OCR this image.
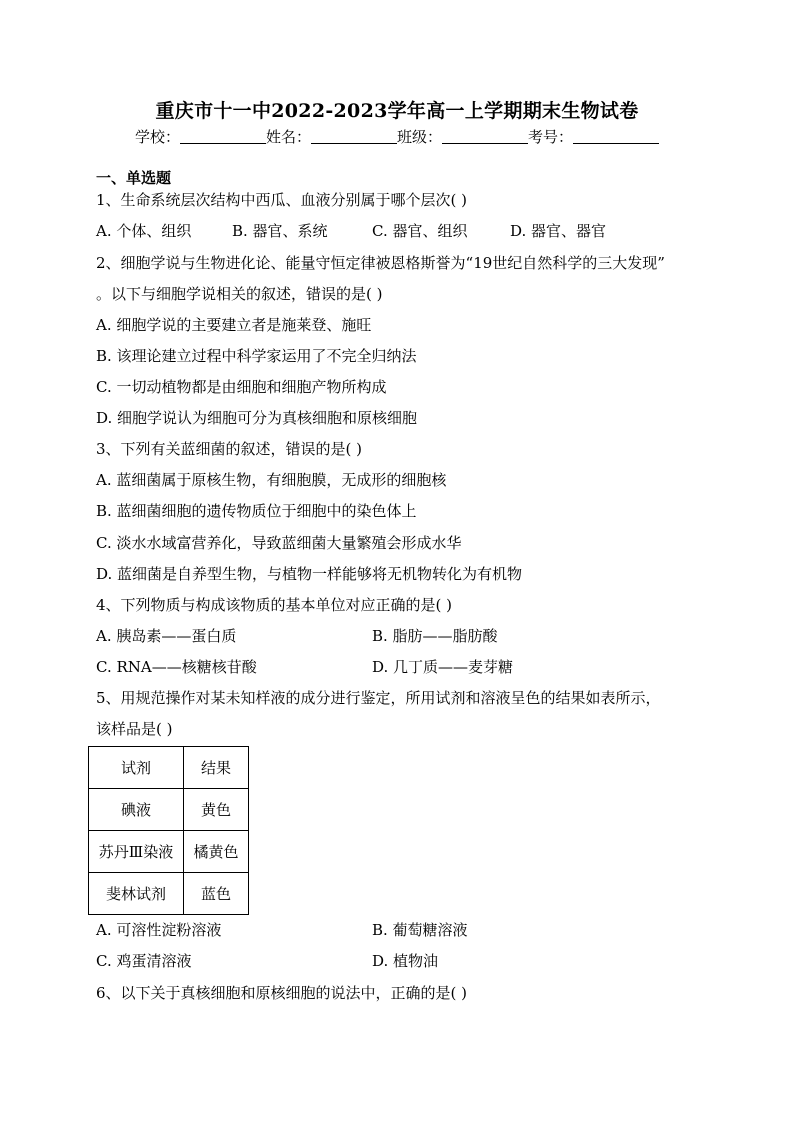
重庆市十一中2022-2023学年高一上学期期末生物试卷
学校：	姓名：	班级：	考号：
一、单选题
1、生命系统层次结构中西瓜、血液分别属于哪个层次( )
A. 个体、组织	B. 器官、系统	C. 器官、组织	D. 器官、器官
2、细胞学说与生物进化论、能量守恒定律被恩格斯誉为“19世纪自然科学的三大发现”
。以下与细胞学说相关的叙述，错误的是( )
A. 细胞学说的主要建立者是施莱登、施旺
B. 该理论建立过程中科学家运用了不完全归纳法
C. 一切动植物都是由细胞和细胞产物所构成
D. 细胞学说认为细胞可分为真核细胞和原核细胞
3、下列有关蓝细菌的叙述，错误的是( )
A. 蓝细菌属于原核生物，有细胞膜，无成形的细胞核
B. 蓝细菌细胞的遗传物质位于细胞中的染色体上
C. 淡水水域富营养化，导致蓝细菌大量繁殖会形成水华
D. 蓝细菌是自养型生物，与植物一样能够将无机物转化为有机物
4、下列物质与构成该物质的基本单位对应正确的是( )
A. 胰岛素——蛋白质	B. 脂肪——脂肪酸
C. RNA——核糖核苷酸	D. 几丁质——麦芽糖
5、用规范操作对某未知样液的成分进行鉴定，所用试剂和溶液呈色的结果如表所示，
该样品是( )
试剂	结果
碘液	黄色
苏丹Ⅲ染液	橘黄色
斐林试剂	蓝色
A. 可溶性淀粉溶液	B. 葡萄糖溶液
C. 鸡蛋清溶液	D. 植物油
6、以下关于真核细胞和原核细胞的说法中，正确的是( )
